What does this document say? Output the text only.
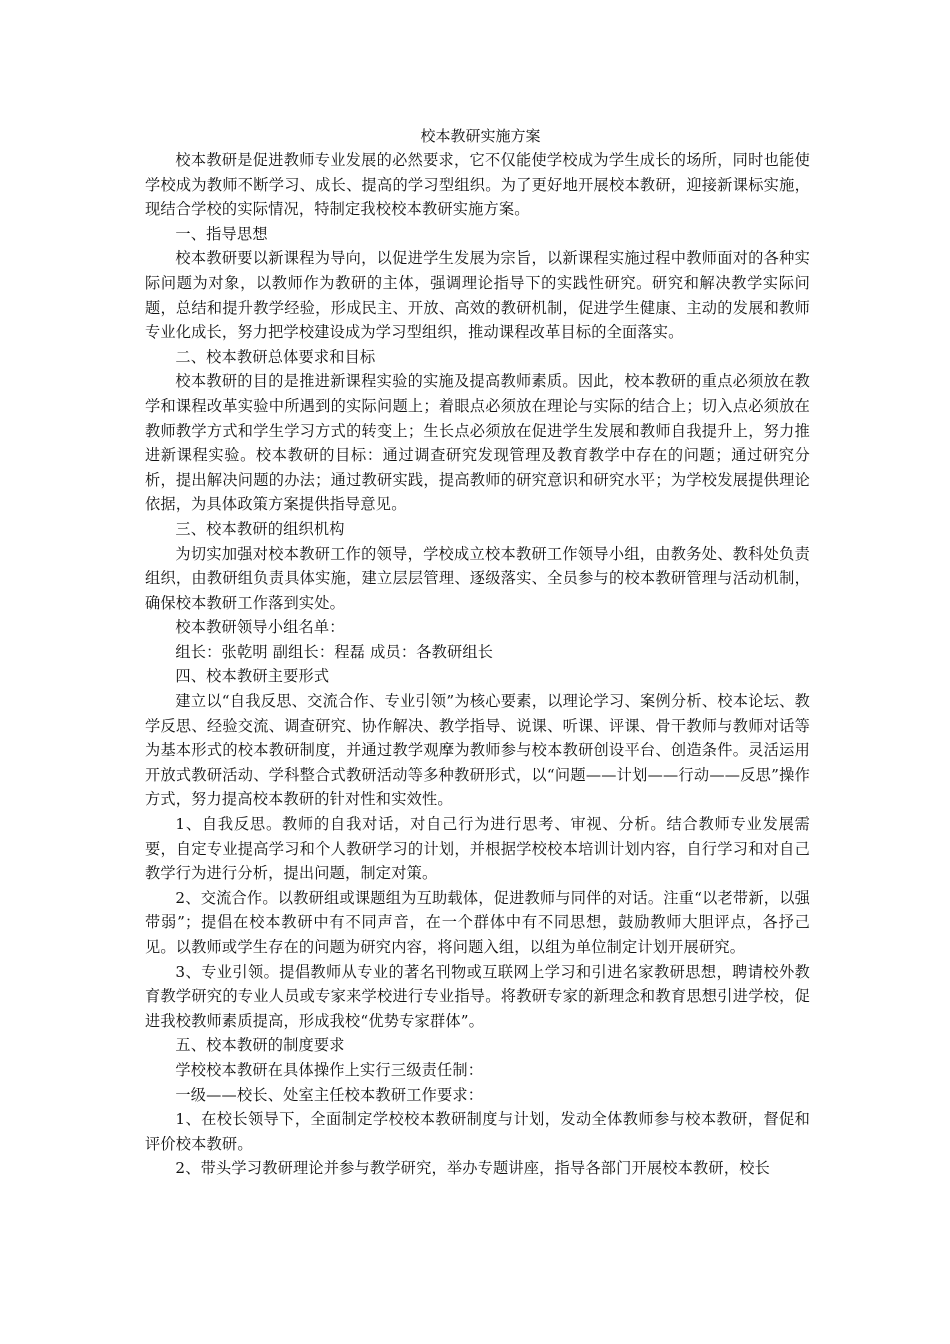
校本教研实施方案

校本教研是促进教师专业发展的必然要求，它不仅能使学校成为学生成长的场所，同时也能使学校成为教师不断学习、成长、提高的学习型组织。为了更好地开展校本教研，迎接新课标实施，现结合学校的实际情况，特制定我校校本教研实施方案。

一、指导思想

校本教研要以新课程为导向，以促进学生发展为宗旨，以新课程实施过程中教师面对的各种实际问题为对象，以教师作为教研的主体，强调理论指导下的实践性研究。研究和解决教学实际问题，总结和提升教学经验，形成民主、开放、高效的教研机制，促进学生健康、主动的发展和教师专业化成长，努力把学校建设成为学习型组织，推动课程改革目标的全面落实。

二、校本教研总体要求和目标

校本教研的目的是推进新课程实验的实施及提高教师素质。因此，校本教研的重点必须放在教学和课程改革实验中所遇到的实际问题上；着眼点必须放在理论与实际的结合上；切入点必须放在教师教学方式和学生学习方式的转变上；生长点必须放在促进学生发展和教师自我提升上，努力推进新课程实验。校本教研的目标：通过调查研究发现管理及教育教学中存在的问题；通过研究分析，提出解决问题的办法；通过教研实践，提高教师的研究意识和研究水平；为学校发展提供理论依据，为具体政策方案提供指导意见。

三、校本教研的组织机构

为切实加强对校本教研工作的领导，学校成立校本教研工作领导小组，由教务处、教科处负责组织，由教研组负责具体实施，建立层层管理、逐级落实、全员参与的校本教研管理与活动机制，确保校本教研工作落到实处。

校本教研领导小组名单：

组长：张乾明 副组长：程磊 成员：各教研组长

四、校本教研主要形式

建立以“自我反思、交流合作、专业引领”为核心要素，以理论学习、案例分析、校本论坛、教学反思、经验交流、调查研究、协作解决、教学指导、说课、听课、评课、骨干教师与教师对话等为基本形式的校本教研制度，并通过教学观摩为教师参与校本教研创设平台、创造条件。灵活运用开放式教研活动、学科整合式教研活动等多种教研形式，以“问题——计划——行动——反思”操作方式，努力提高校本教研的针对性和实效性。

1、自我反思。教师的自我对话，对自己行为进行思考、审视、分析。结合教师专业发展需要，自定专业提高学习和个人教研学习的计划，并根据学校校本培训计划内容，自行学习和对自己教学行为进行分析，提出问题，制定对策。

2、交流合作。以教研组或课题组为互助载体，促进教师与同伴的对话。注重“以老带新，以强带弱”；提倡在校本教研中有不同声音，在一个群体中有不同思想，鼓励教师大胆评点，各抒己见。以教师或学生存在的问题为研究内容，将问题入组，以组为单位制定计划开展研究。

3、专业引领。提倡教师从专业的著名刊物或互联网上学习和引进名家教研思想，聘请校外教育教学研究的专业人员或专家来学校进行专业指导。将教研专家的新理念和教育思想引进学校，促进我校教师素质提高，形成我校“优势专家群体”。

五、校本教研的制度要求

学校校本教研在具体操作上实行三级责任制：

一级——校长、处室主任校本教研工作要求：

1、在校长领导下，全面制定学校校本教研制度与计划，发动全体教师参与校本教研，督促和评价校本教研。

2、带头学习教研理论并参与教学研究，举办专题讲座，指导各部门开展校本教研，校长
